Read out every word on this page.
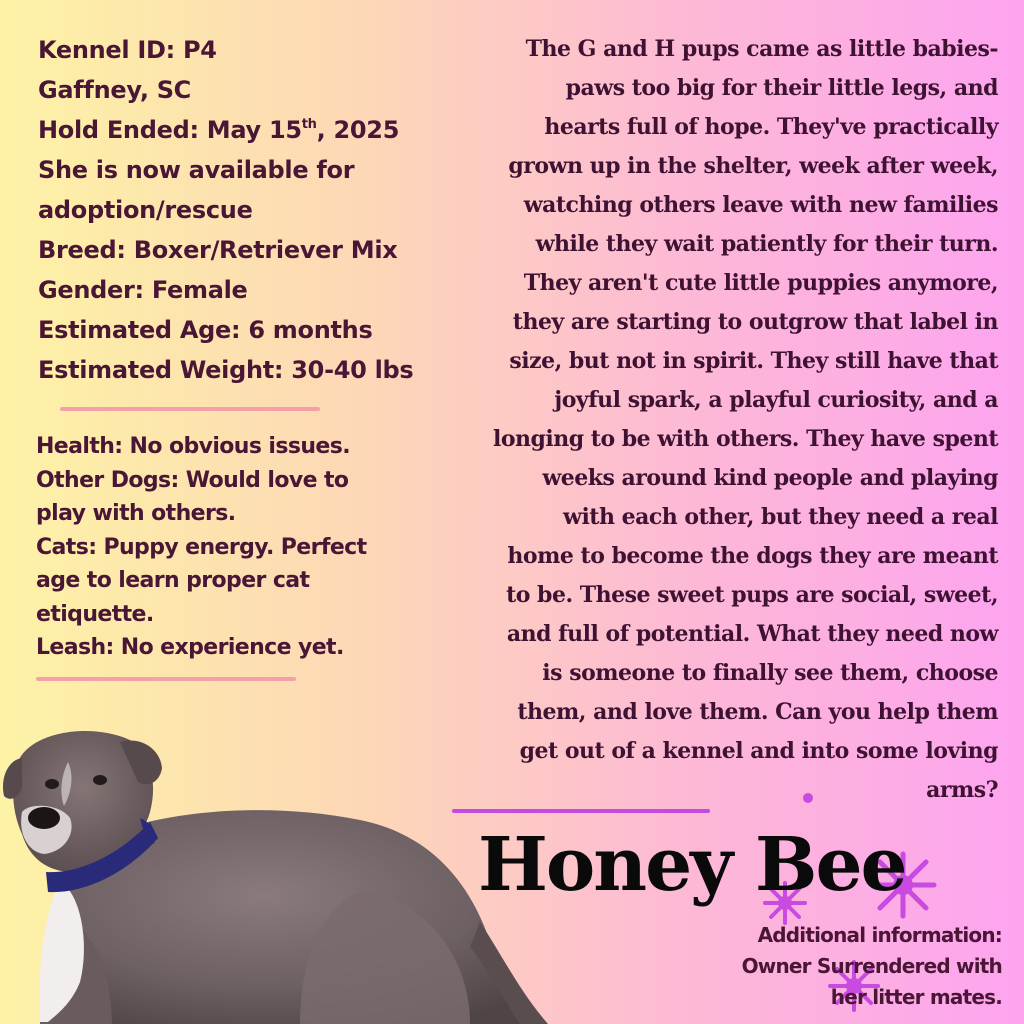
Kennel ID: P4
Gaffney, SC
Hold Ended: May 15th, 2025
She is now available for
adoption/rescue
Breed: Boxer/Retriever Mix
Gender: Female
Estimated Age: 6 months
Estimated Weight: 30-40 lbs
Health: No obvious issues.
Other Dogs: Would love to
play with others.
Cats: Puppy energy. Perfect
age to learn proper cat
etiquette.
Leash: No experience yet.
The G and H pups came as little babies-
paws too big for their little legs, and
hearts full of hope. They've practically
grown up in the shelter, week after week,
watching others leave with new families
while they wait patiently for their turn.
They aren't cute little puppies anymore,
they are starting to outgrow that label in
size, but not in spirit. They still have that
joyful spark, a playful curiosity, and a
longing to be with others. They have spent
weeks around kind people and playing
with each other, but they need a real
home to become the dogs they are meant
to be. These sweet pups are social, sweet,
and full of potential. What they need now
is someone to finally see them, choose
them, and love them. Can you help them
get out of a kennel and into some loving
arms?
Honey Bee
Additional information:
Owner Surrendered with
her litter mates.
